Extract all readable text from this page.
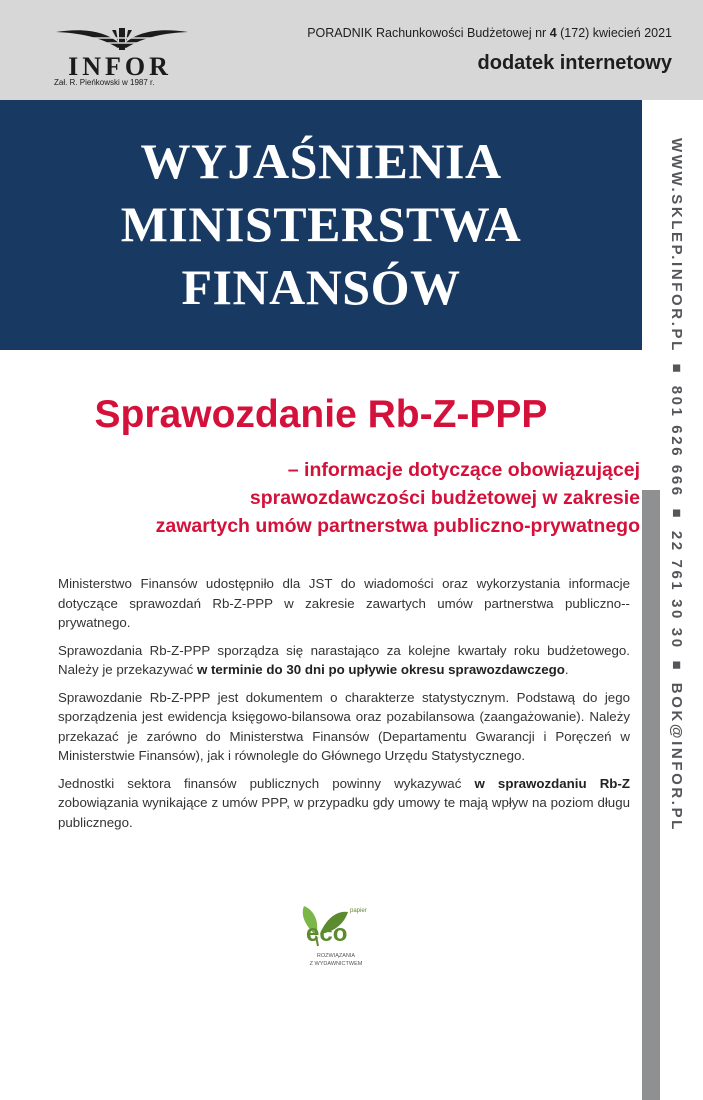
INFOR
Zał. R. Pieńkowski w 1987 r.
PORADNIK Rachunkowości Budżetowej nr 4 (172) kwiecień 2021
dodatek internetowy
WYJAŚNIENIA
MINISTERSTWA
FINANSÓW	WWW.SKLEP.INFOR.PL ■ 801 626 666 ■ 22 761 30 30 ■ BOK@INFOR.PL
Sprawozdanie Rb-Z-PPP
– informacje dotyczące obowiązującej
sprawozdawczości budżetowej w zakresie
zawartych umów partnerstwa publiczno-prywatnego

Ministerstwo Finansów udostępniło dla JST do wiadomości oraz wykorzystania informacje dotyczące sprawozdań Rb-Z-PPP w zakresie zawartych umów partnerstwa publiczno--prywatnego.

Sprawozdania Rb-Z-PPP sporządza się narastająco za kolejne kwartały roku budżetowego. Należy je przekazywać w terminie do 30 dni po upływie okresu sprawozdawczego.

Sprawozdanie Rb-Z-PPP jest dokumentem o charakterze statystycznym. Podstawą do jego sporządzenia jest ewidencja księgowo-bilansowa oraz pozabilansowa (zaangażowanie). Należy przekazać je zarówno do Ministerstwa Finansów (Departamentu Gwarancji i Poręczeń w Ministerstwie Finansów), jak i równolegle do Głównego Urzędu Statystycznego.

Jednostki sektora finansów publicznych powinny wykazywać w sprawozdaniu Rb-Z zobowiązania wynikające z umów PPP, w przypadku gdy umowy te mają wpływ na poziom długu publicznego.

papier
eco
ROZWIĄZANIA
Z WYDAWNICTWEM
